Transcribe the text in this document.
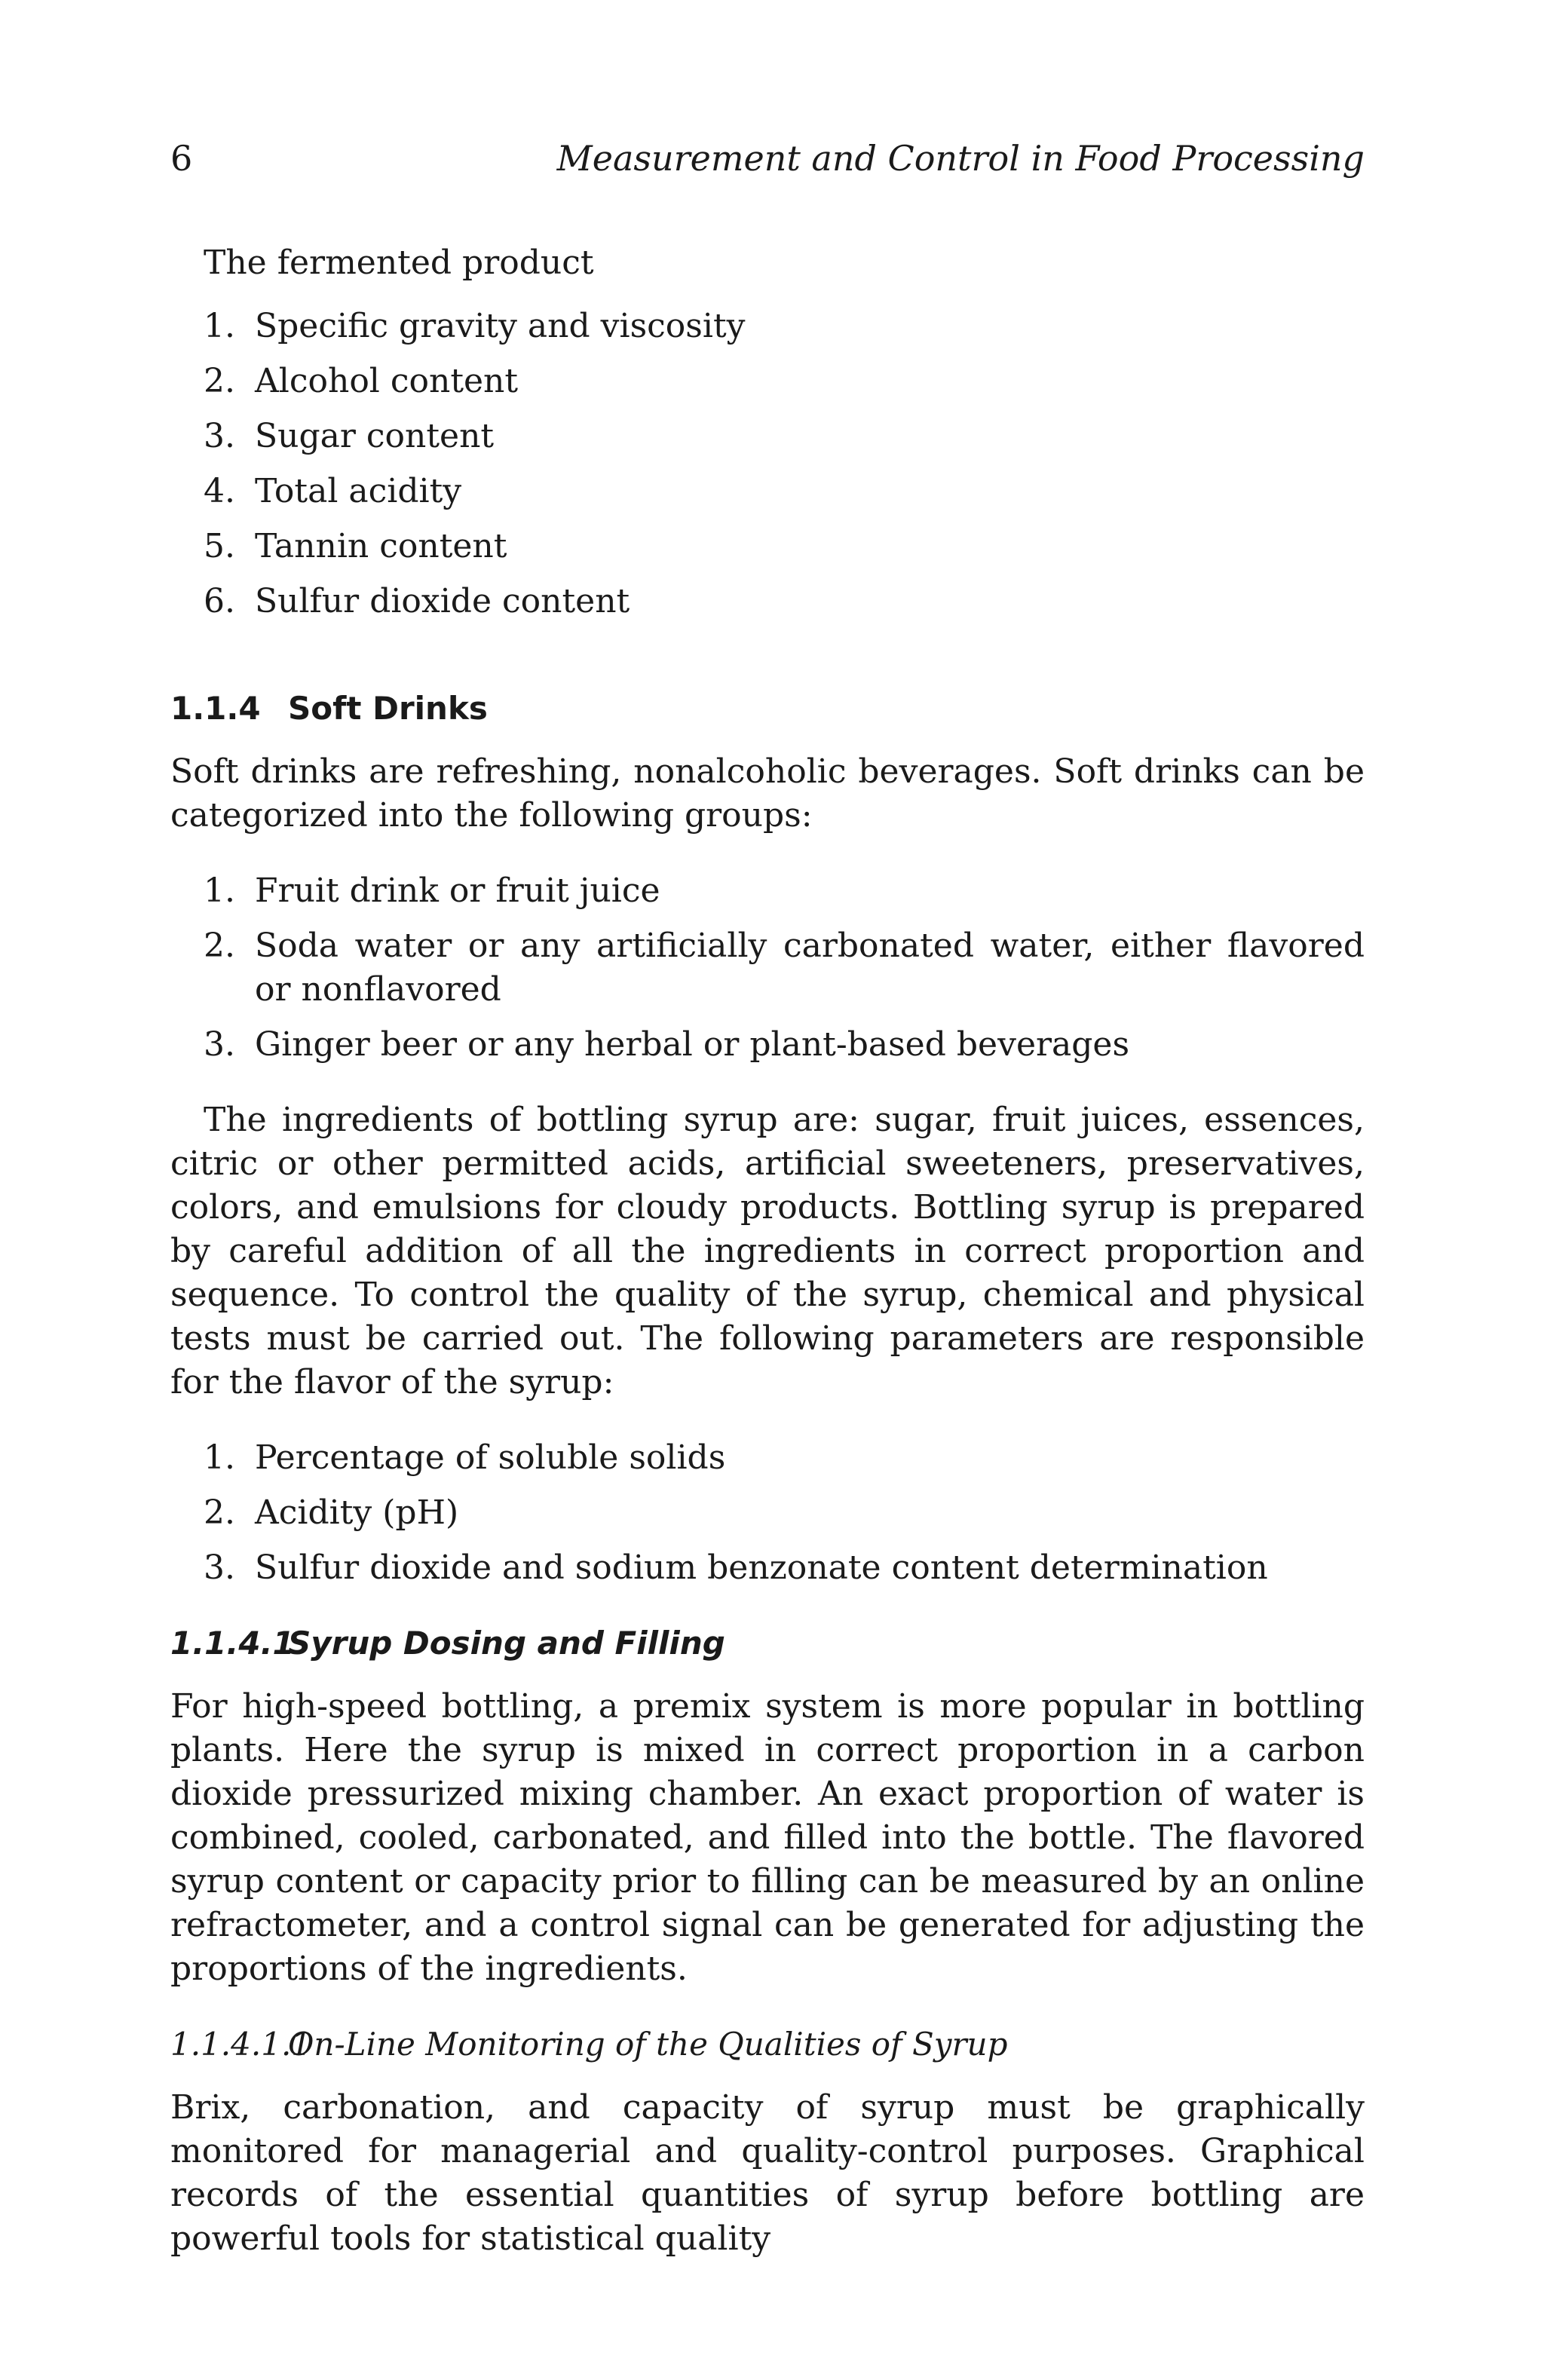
6	Measurement and Control in Food Processing

The fermented product

1. Specific gravity and viscosity
2. Alcohol content
3. Sugar content
4. Total acidity
5. Tannin content
6. Sulfur dioxide content
1.1.4 Soft Drinks

Soft drinks are refreshing, nonalcoholic beverages. Soft drinks can be categorized into the following groups:

1. Fruit drink or fruit juice
2. Soda water or any artificially carbonated water, either flavored or nonflavored
3. Ginger beer or any herbal or plant-based beverages

The ingredients of bottling syrup are: sugar, fruit juices, essences, citric or other permitted acids, artificial sweeteners, preservatives, colors, and emulsions for cloudy products. Bottling syrup is prepared by careful addition of all the ingredients in correct proportion and sequence. To control the quality of the syrup, chemical and physical tests must be carried out. The following parameters are responsible for the flavor of the syrup:

1. Percentage of soluble solids
2. Acidity (pH)
3. Sulfur dioxide and sodium benzonate content determination
1.1.4.1Syrup Dosing and Filling

For high-speed bottling, a premix system is more popular in bottling plants. Here the syrup is mixed in correct proportion in a carbon dioxide pressurized mixing chamber. An exact proportion of water is combined, cooled, carbonated, and filled into the bottle. The flavored syrup content or capacity prior to filling can be measured by an online refractometer, and a control signal can be generated for adjusting the proportions of the ingredients.

1.1.4.1.1On-Line Monitoring of the Qualities of Syrup

Brix, carbonation, and capacity of syrup must be graphically monitored for managerial and quality-control purposes. Graphical records of the essential quantities of syrup before bottling are powerful tools for statistical quality
